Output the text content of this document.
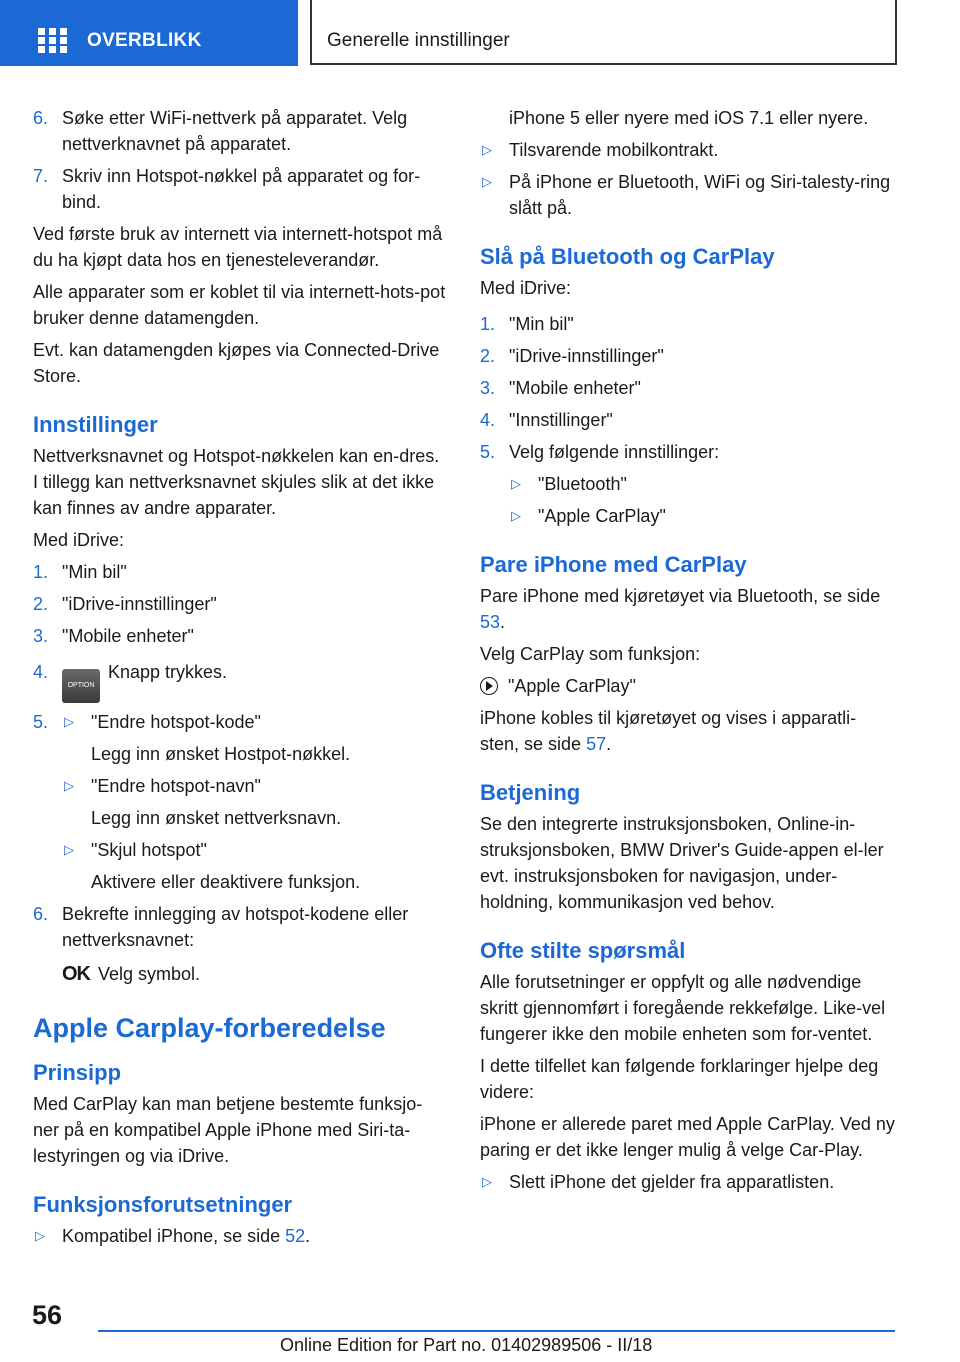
OVERBLIKK	Generelle innstillinger
6. Søke etter WiFi-nettverk på apparatet. Velg nettverknavnet på apparatet.
7. Skriv inn Hotspot-nøkkel på apparatet og for-bind.

Ved første bruk av internett via internett-hotspot må du ha kjøpt data hos en tjenesteleverandør.

Alle apparater som er koblet til via internett-hots-pot bruker denne datamengden.

Evt. kan datamengden kjøpes via Connected-Drive Store.

Innstillinger

Nettverksnavnet og Hotspot-nøkkelen kan en-dres. I tillegg kan nettverksnavnet skjules slik at det ikke kan finnes av andre apparater.

Med iDrive:

1. "Min bil"
2. "iDrive-innstillinger"
3. "Mobile enheter"
4.
OPTIONKnapp trykkes.
5. ▷ "Endre hotspot-kode"
Legg inn ønsket Hostpot-nøkkel.
▷ "Endre hotspot-navn"
Legg inn ønsket nettverksnavn.
▷ "Skjul hotspot"
Aktivere eller deaktivere funksjon.
6. Bekrefte innlegging av hotspot-kodene eller nettverksnavnet:
OK Velg symbol.
Apple Carplay-forberedelse
Prinsipp

Med CarPlay kan man betjene bestemte funksjo-ner på en kompatibel Apple iPhone med Siri-ta-lestyringen og via iDrive.

Funksjonsforutsetninger
▷ Kompatibel iPhone, se side 52.
iPhone 5 eller nyere med iOS 7.1 eller nyere.
▷ Tilsvarende mobilkontrakt.
▷ På iPhone er Bluetooth, WiFi og Siri-talesty-ring slått på.
Slå på Bluetooth og CarPlay

Med iDrive:

1. "Min bil"
2. "iDrive-innstillinger"
3. "Mobile enheter"
4. "Innstillinger"
5. Velg følgende innstillinger:
▷ "Bluetooth"
▷ "Apple CarPlay"
Pare iPhone med CarPlay

Pare iPhone med kjøretøyet via Bluetooth, se side 53.

Velg CarPlay som funksjon:

"Apple CarPlay"

iPhone kobles til kjøretøyet og vises i apparatli-sten, se side 57.

Betjening

Se den integrerte instruksjonsboken, Online-in-struksjonsboken, BMW Driver's Guide-appen el-ler evt. instruksjonsboken for navigasjon, under-holdning, kommunikasjon ved behov.

Ofte stilte spørsmål

Alle forutsetninger er oppfylt og alle nødvendige skritt gjennomført i foregående rekkefølge. Like-vel fungerer ikke den mobile enheten som for-ventet.

I dette tilfellet kan følgende forklaringer hjelpe deg videre:

iPhone er allerede paret med Apple CarPlay. Ved ny paring er det ikke lenger mulig å velge Car-Play.

▷ Slett iPhone det gjelder fra apparatlisten.
56
Online Edition for Part no. 01402989506 - II/18
